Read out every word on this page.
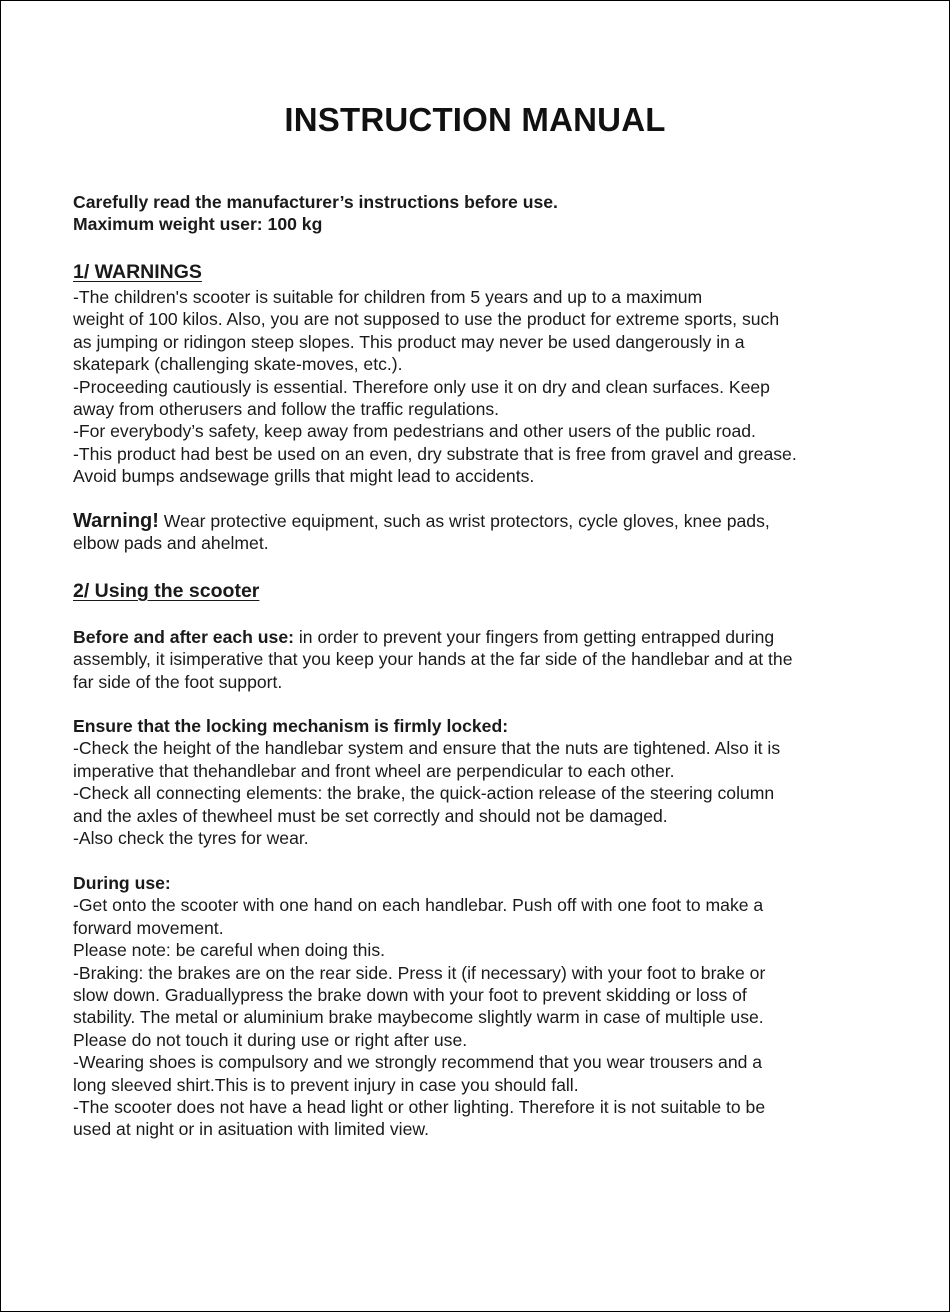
INSTRUCTION MANUAL
Carefully read the manufacturer’s instructions before use.
Maximum weight user: 100 kg
1/ WARNINGS
-The children's scooter is suitable for children from 5 years and up to a maximum
weight of 100 kilos. Also, you are not supposed to use the product for extreme sports, such
as jumping or ridingon steep slopes. This product may never be used dangerously in a
skatepark (challenging skate-moves, etc.).
-Proceeding cautiously is essential. Therefore only use it on dry and clean surfaces. Keep
away from otherusers and follow the traffic regulations.
-For everybody’s safety, keep away from pedestrians and other users of the public road.
-This product had best be used on an even, dry substrate that is free from gravel and grease.
Avoid bumps andsewage grills that might lead to accidents.
Warning! Wear protective equipment, such as wrist protectors, cycle gloves, knee pads,
elbow pads and ahelmet.
2/ Using the scooter
Before and after each use: in order to prevent your fingers from getting entrapped during
assembly, it isimperative that you keep your hands at the far side of the handlebar and at the
far side of the foot support.
Ensure that the locking mechanism is firmly locked:
-Check the height of the handlebar system and ensure that the nuts are tightened. Also it is
imperative that thehandlebar and front wheel are perpendicular to each other.
-Check all connecting elements: the brake, the quick-action release of the steering column
and the axles of thewheel must be set correctly and should not be damaged.
-Also check the tyres for wear.
During use:
-Get onto the scooter with one hand on each handlebar. Push off with one foot to make a
forward movement.
Please note: be careful when doing this.
-Braking: the brakes are on the rear side. Press it (if necessary) with your foot to brake or
slow down. Graduallypress the brake down with your foot to prevent skidding or loss of
stability. The metal or aluminium brake maybecome slightly warm in case of multiple use.
Please do not touch it during use or right after use.
-Wearing shoes is compulsory and we strongly recommend that you wear trousers and a
long sleeved shirt.This is to prevent injury in case you should fall.
-The scooter does not have a head light or other lighting. Therefore it is not suitable to be
used at night or in asituation with limited view.
